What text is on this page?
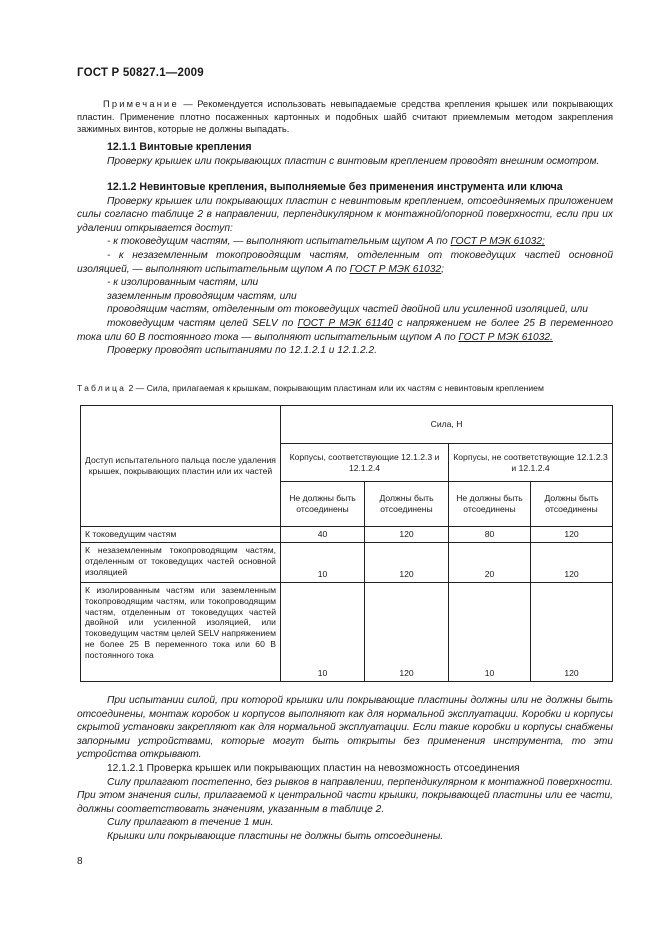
ГОСТ Р 50827.1—2009
Примечание — Рекомендуется использовать невыпадаемые средства крепления крышек или покрывающих пластин. Применение плотно посаженных картонных и подобных шайб считают приемлемым методом закрепления зажимных винтов, которые не должны выпадать.

12.1.1 Винтовые крепления

Проверку крышек или покрывающих пластин с винтовым креплением проводят внешним осмотром.

12.1.2 Невинтовые крепления, выполняемые без применения инструмента или ключа

Проверку крышек или покрывающих пластин с невинтовым креплением, отсоединяемых приложением силы согласно таблице 2 в направлении, перпендикулярном к монтажной/опорной поверхности, если при их удалении открывается доступ:

- к токоведущим частям, — выполняют испытательным щупом А по ГОСТ Р МЭК 61032;

- к незаземленным токопроводящим частям, отделенным от токоведущих частей основной изоляцией, — выполняют испытательным щупом А по ГОСТ Р МЭК 61032;

- к изолированным частям, или

заземленным проводящим частям, или

проводящим частям, отделенным от токоведущих частей двойной или усиленной изоляцией, или

токоведущим частям целей SELV по ГОСТ Р МЭК 61140 с напряжением не более 25 В переменного тока или 60 В постоянного тока — выполняют испытательным щупом А по ГОСТ Р МЭК 61032.

Проверку проводят испытаниями по 12.1.2.1 и 12.1.2.2.

Таблица 2 — Сила, прилагаемая к крышкам, покрывающим пластинам или их частям с невинтовым креплением
Доступ испытательного пальца после удаления крышек, покрывающих пластин или их частей	Сила, Н			
	Корпусы, соответствующие 12.1.2.3 и 12.1.2.4		Корпусы, не соответствующие 12.1.2.3 и 12.1.2.4	
	Не должны быть отсоединены	Должны быть отсоединены	Не должны быть отсоединены	Должны быть отсоединены
К токоведущим частям	40	120	80	120
К незаземленным токопроводящим частям, отделенным от токоведущих частей основной изоляцией	10	120	20	120
К изолированным частям или заземленным токопроводящим частям, или токопроводящим частям, отделенным от токоведущих частей двойной или усиленной изоляцией, или токоведущим частям целей SELV напряжением не более 25 В переменного тока или 60 В постоянного тока	10	120	10	120

При испытании силой, при которой крышки или покрывающие пластины должны или не должны быть отсоединены, монтаж коробок и корпусов выполняют как для нормальной эксплуатации. Коробки и корпусы скрытой установки закрепляют как для нормальной эксплуатации. Если такие коробки и корпусы снабжены запорными устройствами, которые могут быть открыты без применения инструмента, то эти устройства открывают.

12.1.2.1 Проверка крышек или покрывающих пластин на невозможность отсоединения

Силу прилагают постепенно, без рывков в направлении, перпендикулярном к монтажной поверхности. При этом значения силы, прилагаемой к центральной части крышки, покрывающей пластины или ее части, должны соответствовать значениям, указанным в таблице 2.

Силу прилагают в течение 1 мин.

Крышки или покрывающие пластины не должны быть отсоединены.

8
